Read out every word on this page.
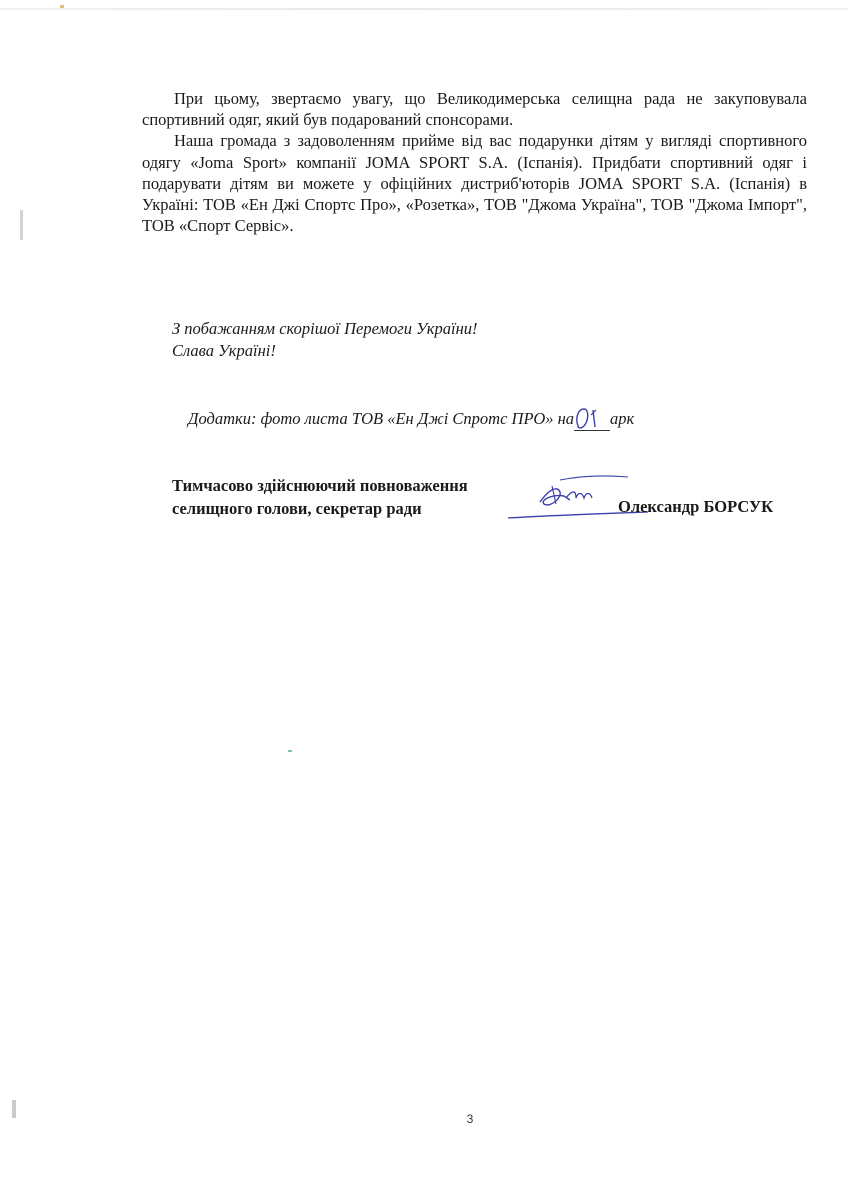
При цьому, звертаємо увагу, що Великодимерська селищна рада не закуповувала спортивний одяг, який був подарований спонсорами.

Наша громада з задоволенням прийме від вас подарунки дітям у вигляді спортивного одягу «Joma Sport» компанії JOMA SPORT S.A. (Іспанія). Придбати спортивний одяг і подарувати дітям ви можете у офіційних дистриб'юторів JOMA SPORT S.A. (Іспанія) в Україні: ТОВ «Ен Джі Спортс Про», «Розетка», ТОВ "Джома Україна", ТОВ "Джома Імпорт", ТОВ «Спорт Сервіс».

З побажанням скорішої Перемоги України!
Слава Україні!
Додатки: фото листа ТОВ «Ен Джі Спротс ПРО» на арк
Тимчасово здійснюючий повноваження
селищного голови, секретар ради	Олександр БОРСУК
3
